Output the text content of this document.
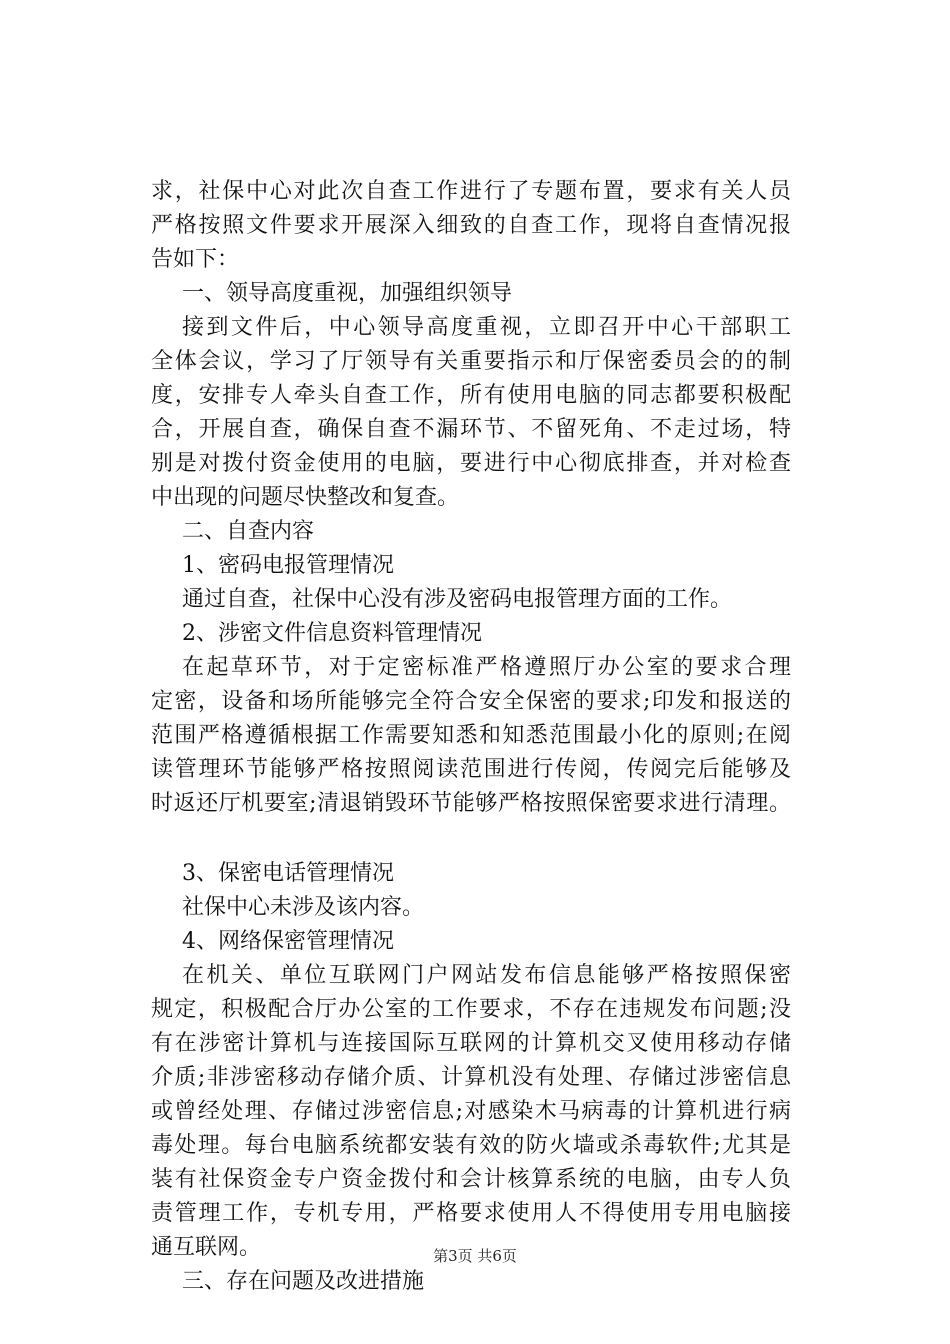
求，社保中心对此次自查工作进行了专题布置，要求有关人员
严格按照文件要求开展深入细致的自查工作，现将自查情况报
告如下：
一、领导高度重视，加强组织领导
接到文件后，中心领导高度重视，立即召开中心干部职工
全体会议，学习了厅领导有关重要指示和厅保密委员会的的制
度，安排专人牵头自查工作，所有使用电脑的同志都要积极配
合，开展自查，确保自查不漏环节、不留死角、不走过场，特
别是对拨付资金使用的电脑，要进行中心彻底排查，并对检查
中出现的问题尽快整改和复查。
二、自查内容
1、密码电报管理情况
通过自查，社保中心没有涉及密码电报管理方面的工作。
2、涉密文件信息资料管理情况
在起草环节，对于定密标准严格遵照厅办公室的要求合理
定密，设备和场所能够完全符合安全保密的要求;印发和报送的
范围严格遵循根据工作需要知悉和知悉范围最小化的原则;在阅
读管理环节能够严格按照阅读范围进行传阅，传阅完后能够及
时返还厅机要室;清退销毁环节能够严格按照保密要求进行清理。
3、保密电话管理情况
社保中心未涉及该内容。
4、网络保密管理情况
在机关、单位互联网门户网站发布信息能够严格按照保密
规定，积极配合厅办公室的工作要求，不存在违规发布问题;没
有在涉密计算机与连接国际互联网的计算机交叉使用移动存储
介质;非涉密移动存储介质、计算机没有处理、存储过涉密信息
或曾经处理、存储过涉密信息;对感染木马病毒的计算机进行病
毒处理。每台电脑系统都安装有效的防火墙或杀毒软件;尤其是
装有社保资金专户资金拨付和会计核算系统的电脑，由专人负
责管理工作，专机专用，严格要求使用人不得使用专用电脑接
通互联网。
三、存在问题及改进措施
第3页 共6页
